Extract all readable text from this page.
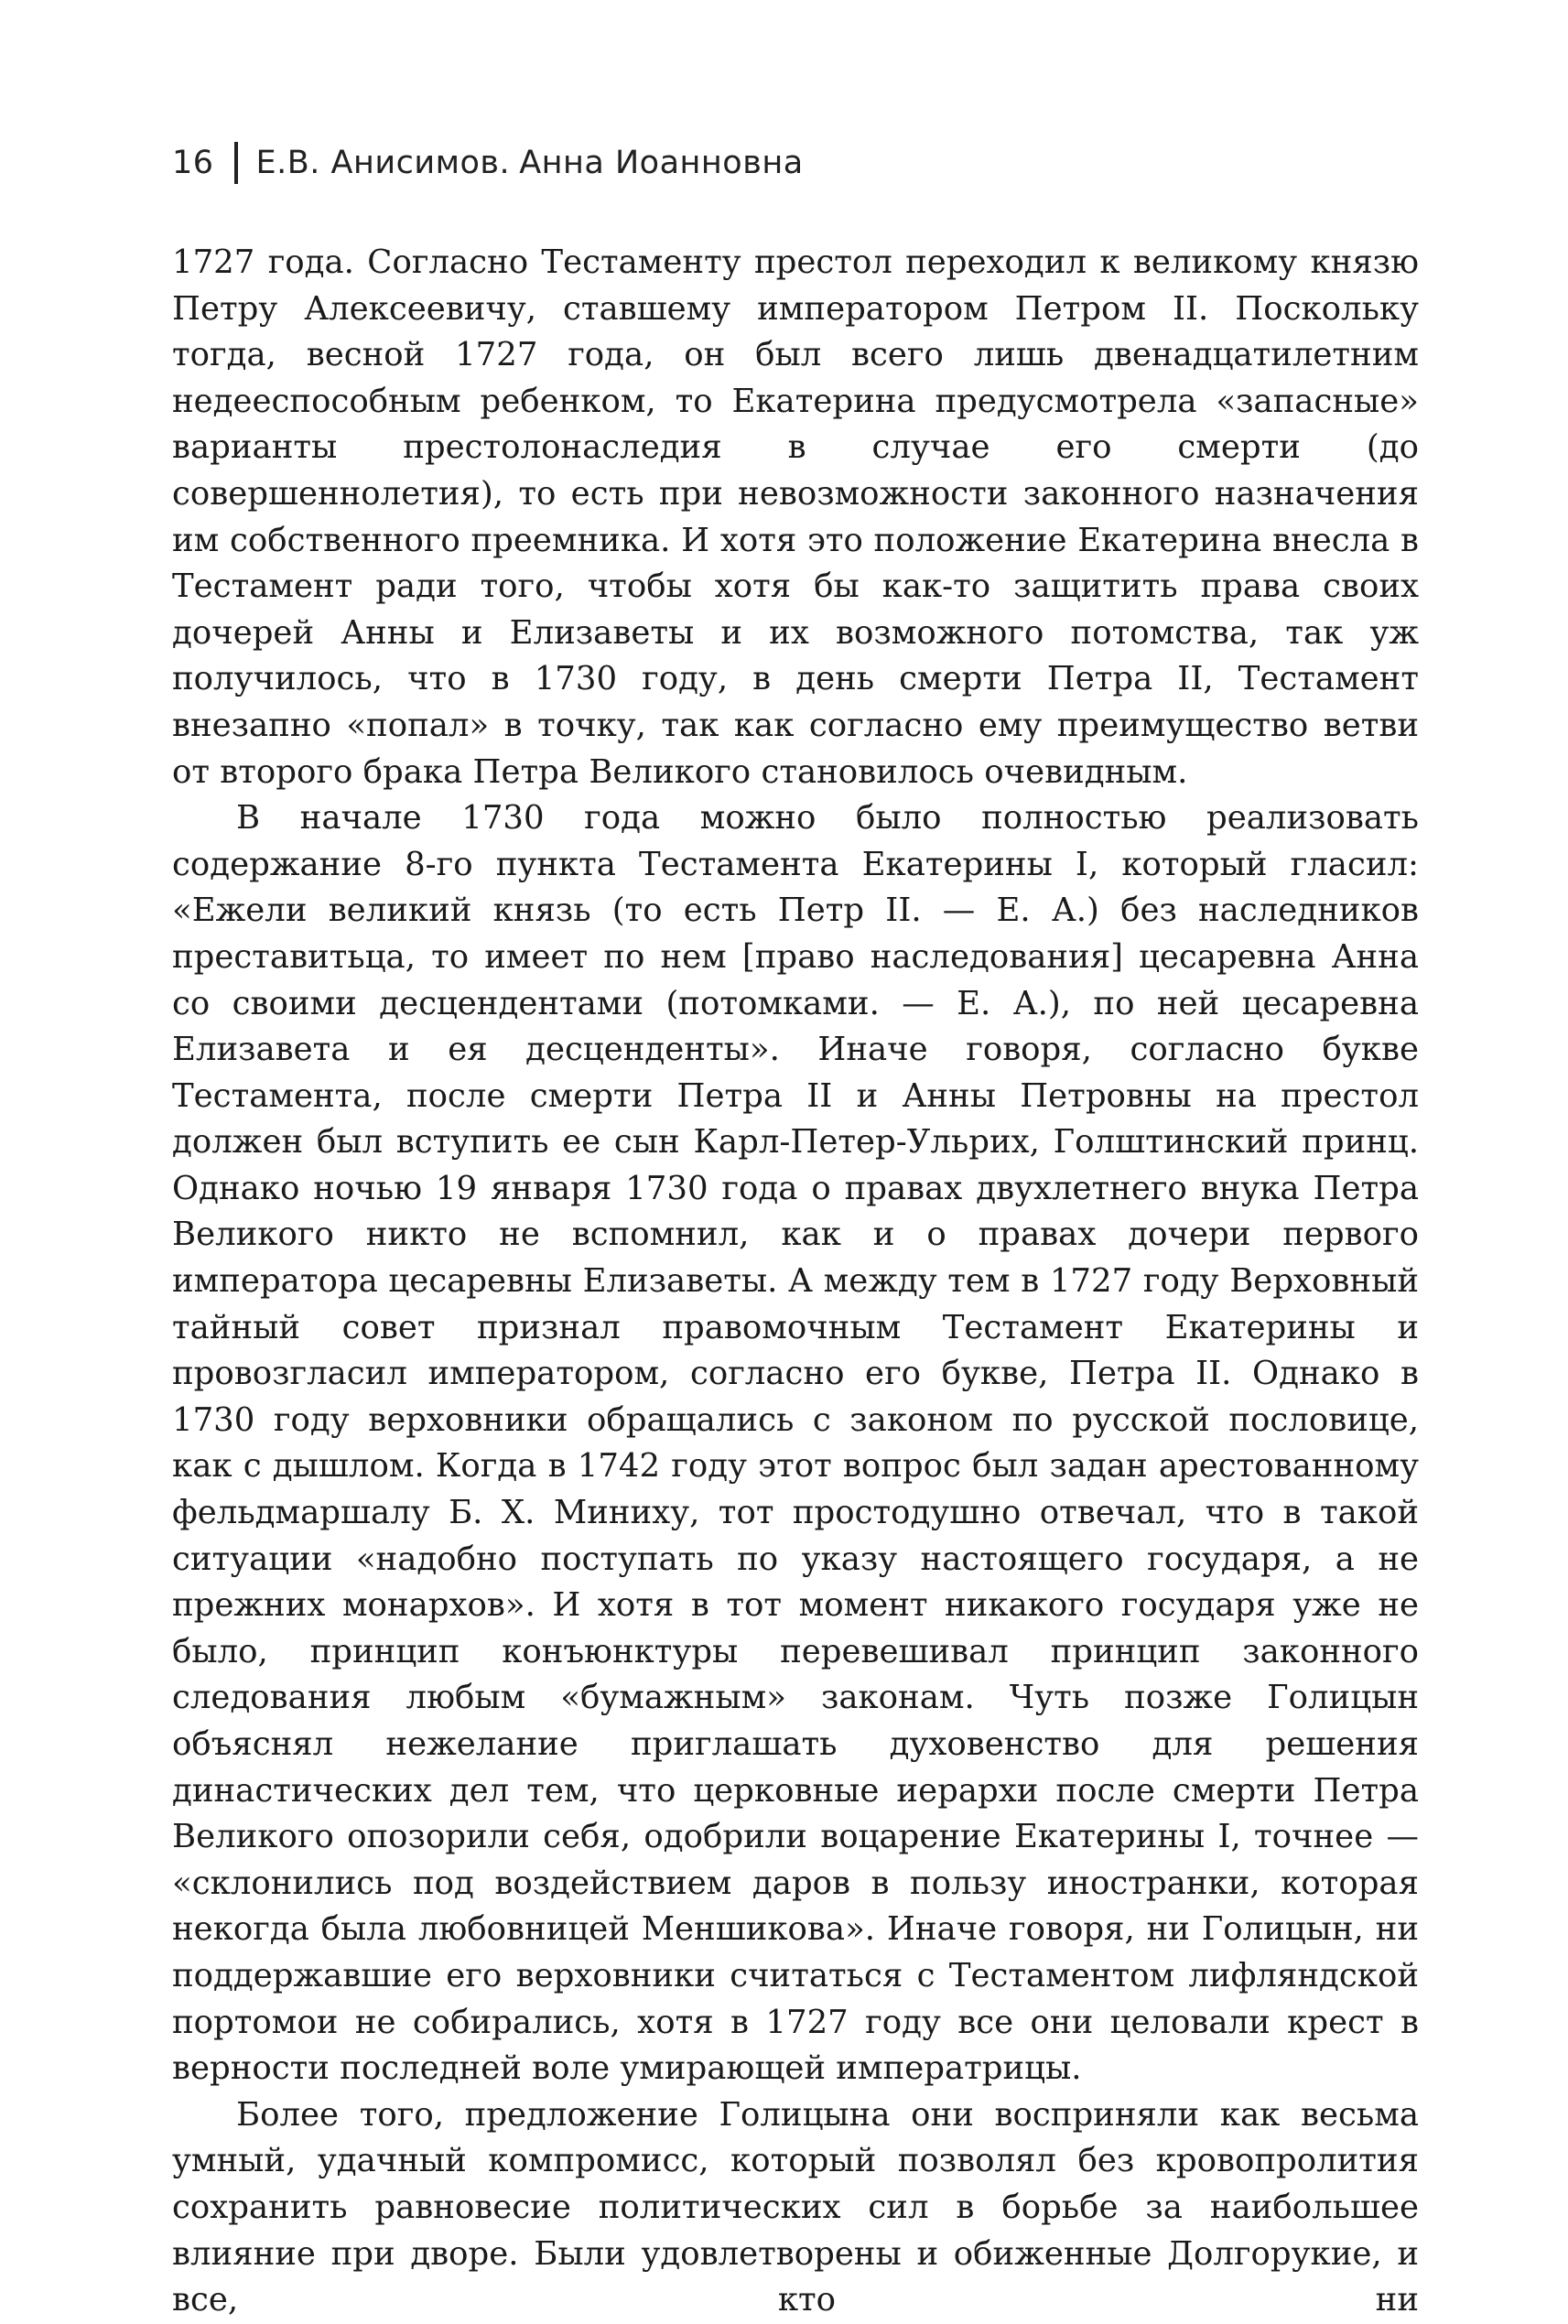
16 Е.В. Анисимов. Анна Иоанновна

1727 года. Согласно Тестаменту престол переходил к великому князю Петру Алексеевичу, ставшему императором Петром II. Поскольку тогда, весной 1727 года, он был всего лишь двенадцатилетним недееспособным ребенком, то Екатерина предусмотрела «запасные» варианты престолонаследия в случае его смерти (до совершеннолетия), то есть при невозможности законного назначения им собственного преемника. И хотя это положение Екатерина внесла в Тестамент ради того, чтобы хотя бы как-то защитить права своих дочерей Анны и Елизаветы и их возможного потомства, так уж получилось, что в 1730 году, в день смерти Петра II, Тестамент внезапно «попал» в точку, так как согласно ему преимущество ветви от второго брака Петра Великого становилось очевидным.

В начале 1730 года можно было полностью реализовать содержание 8-го пункта Тестамента Екатерины I, который гласил: «Ежели великий князь (то есть Петр II. — Е. А.) без наследников преставитьца, то имеет по нем [право наследования] цесаревна Анна со своими десцендентами (потомками. — Е. А.), по ней цесаревна Елизавета и ея десценденты». Иначе говоря, согласно букве Тестамента, после смерти Петра II и Анны Петровны на престол должен был вступить ее сын Карл-Петер-Ульрих, Голштинский принц. Однако ночью 19 января 1730 года о правах двухлетнего внука Петра Великого никто не вспомнил, как и о правах дочери первого императора цесаревны Елизаветы. А между тем в 1727 году Верховный тайный совет признал правомочным Тестамент Екатерины и провозгласил императором, согласно его букве, Петра II. Однако в 1730 году верховники обращались с законом по русской пословице, как с дышлом. Когда в 1742 году этот вопрос был задан арестованному фельдмаршалу Б. Х. Миниху, тот простодушно отвечал, что в такой ситуации «надобно поступать по указу настоящего государя, а не прежних монархов». И хотя в тот момент никакого государя уже не было, принцип конъюнктуры перевешивал принцип законного следования любым «бумажным» законам. Чуть позже Голицын объяснял нежелание приглашать духовенство для решения династических дел тем, что церковные иерархи после смерти Петра Великого опозорили себя, одобрили воцарение Екатерины I, точнее — «склонились под воздействием даров в пользу иностранки, которая некогда была любовницей Меншикова». Иначе говоря, ни Голицын, ни поддержавшие его верховники считаться с Тестаментом лифляндской портомои не собирались, хотя в 1727 году все они целовали крест в верности последней воле умирающей императрицы.

Более того, предложение Голицына они восприняли как весьма умный, удачный компромисс, который позволял без кровопролития сохранить равновесие политических сил в борьбе за наибольшее влияние при дворе. Были удовлетворены и обиженные Долгорукие, и все, кто ни
